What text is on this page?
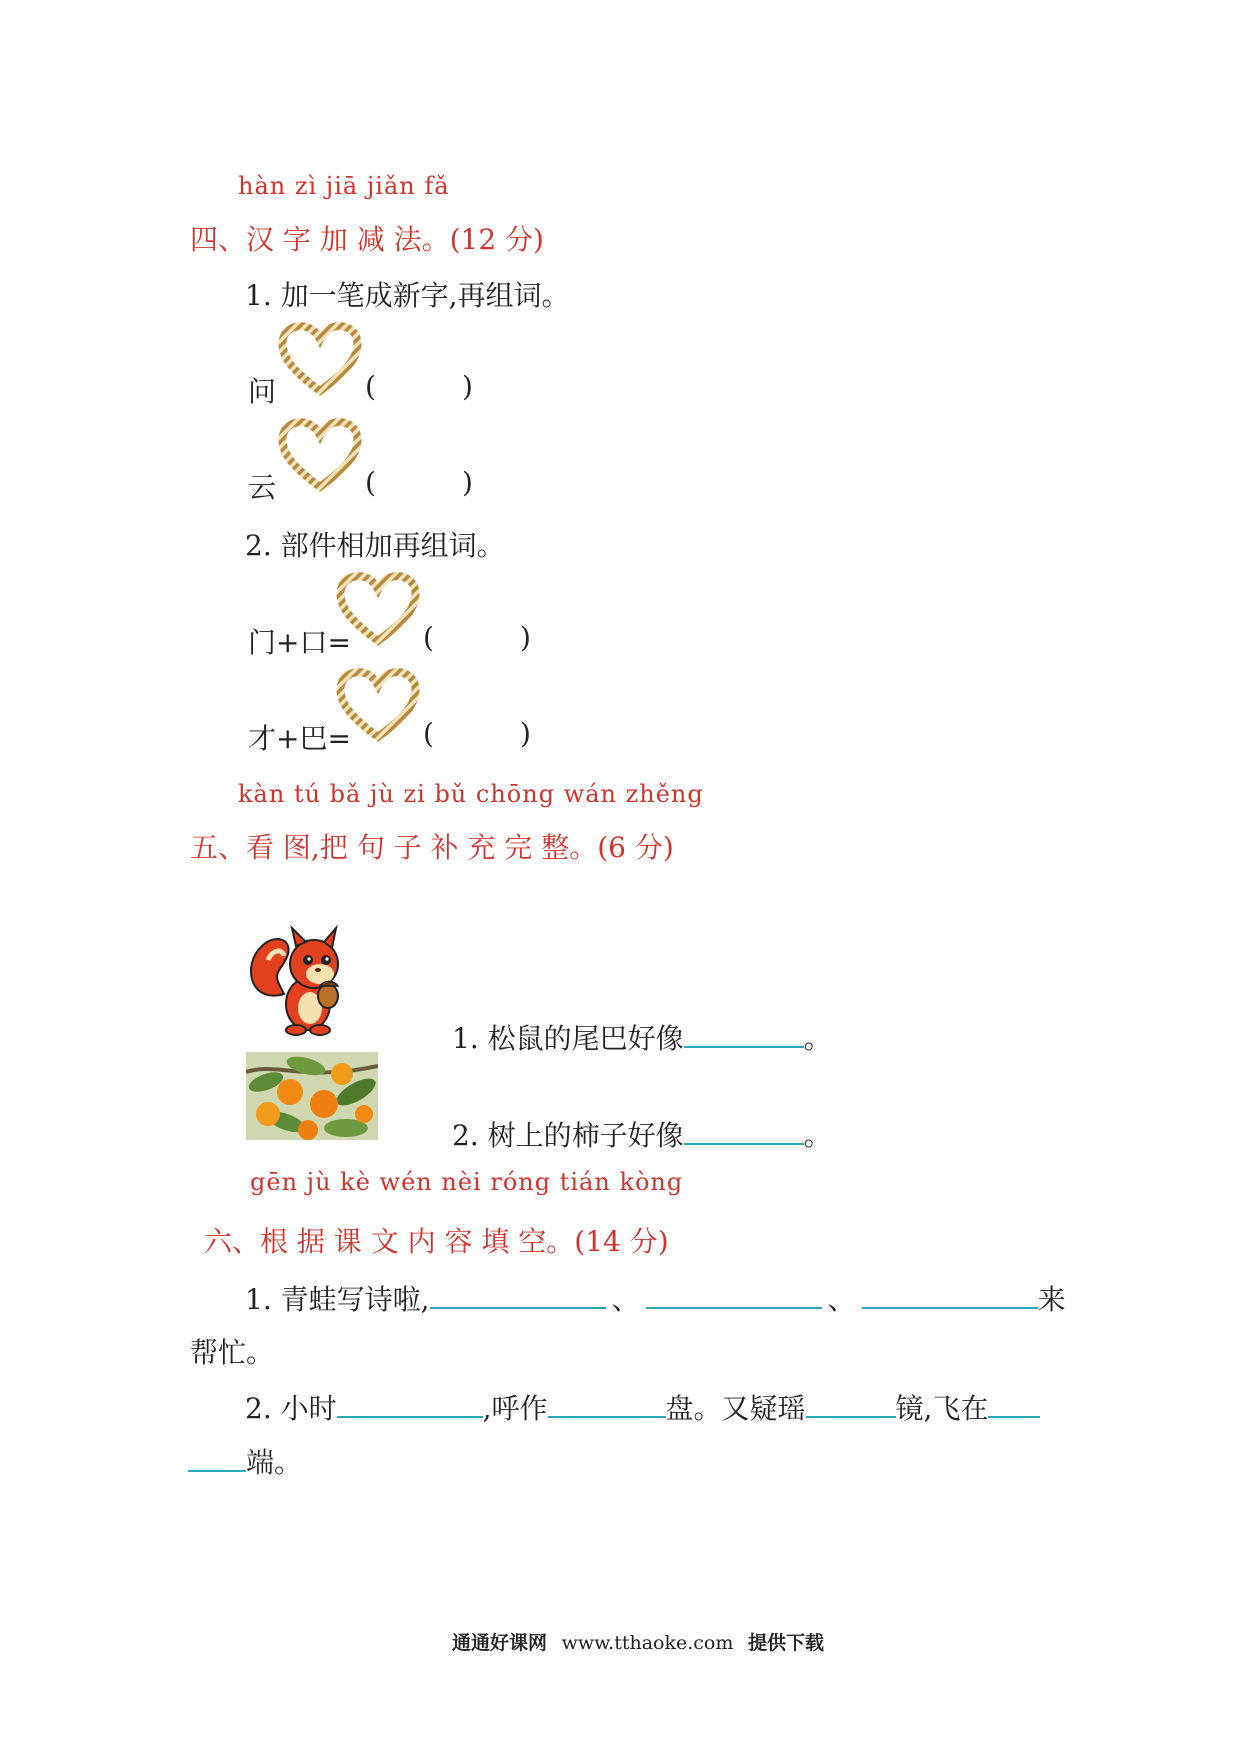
hàn zì jiā jiǎn fǎ
四、汉 字 加 减 法。(12 分)
1. 加一笔成新字,再组词。
问	(	)
云	(	)
2. 部件相加再组词。
门+口=	(	)
才+巴=	(	)
kàn tú bǎ jù zi bǔ chōng wán zhěng
五、看 图,把 句 子 补 充 完 整。(6 分)
1. 松鼠的尾巴好像	。
2. 树上的柿子好像	。
gēn jù kè wén nèi róng tián kòng
六、根 据 课 文 内 容 填 空。(14 分)
1. 青蛙写诗啦,	、	、	来
帮忙。
2. 小时	,呼作	盘。又疑瑶	镜,飞在
端。
通通好课网 www.tthaoke.com 提供下载
